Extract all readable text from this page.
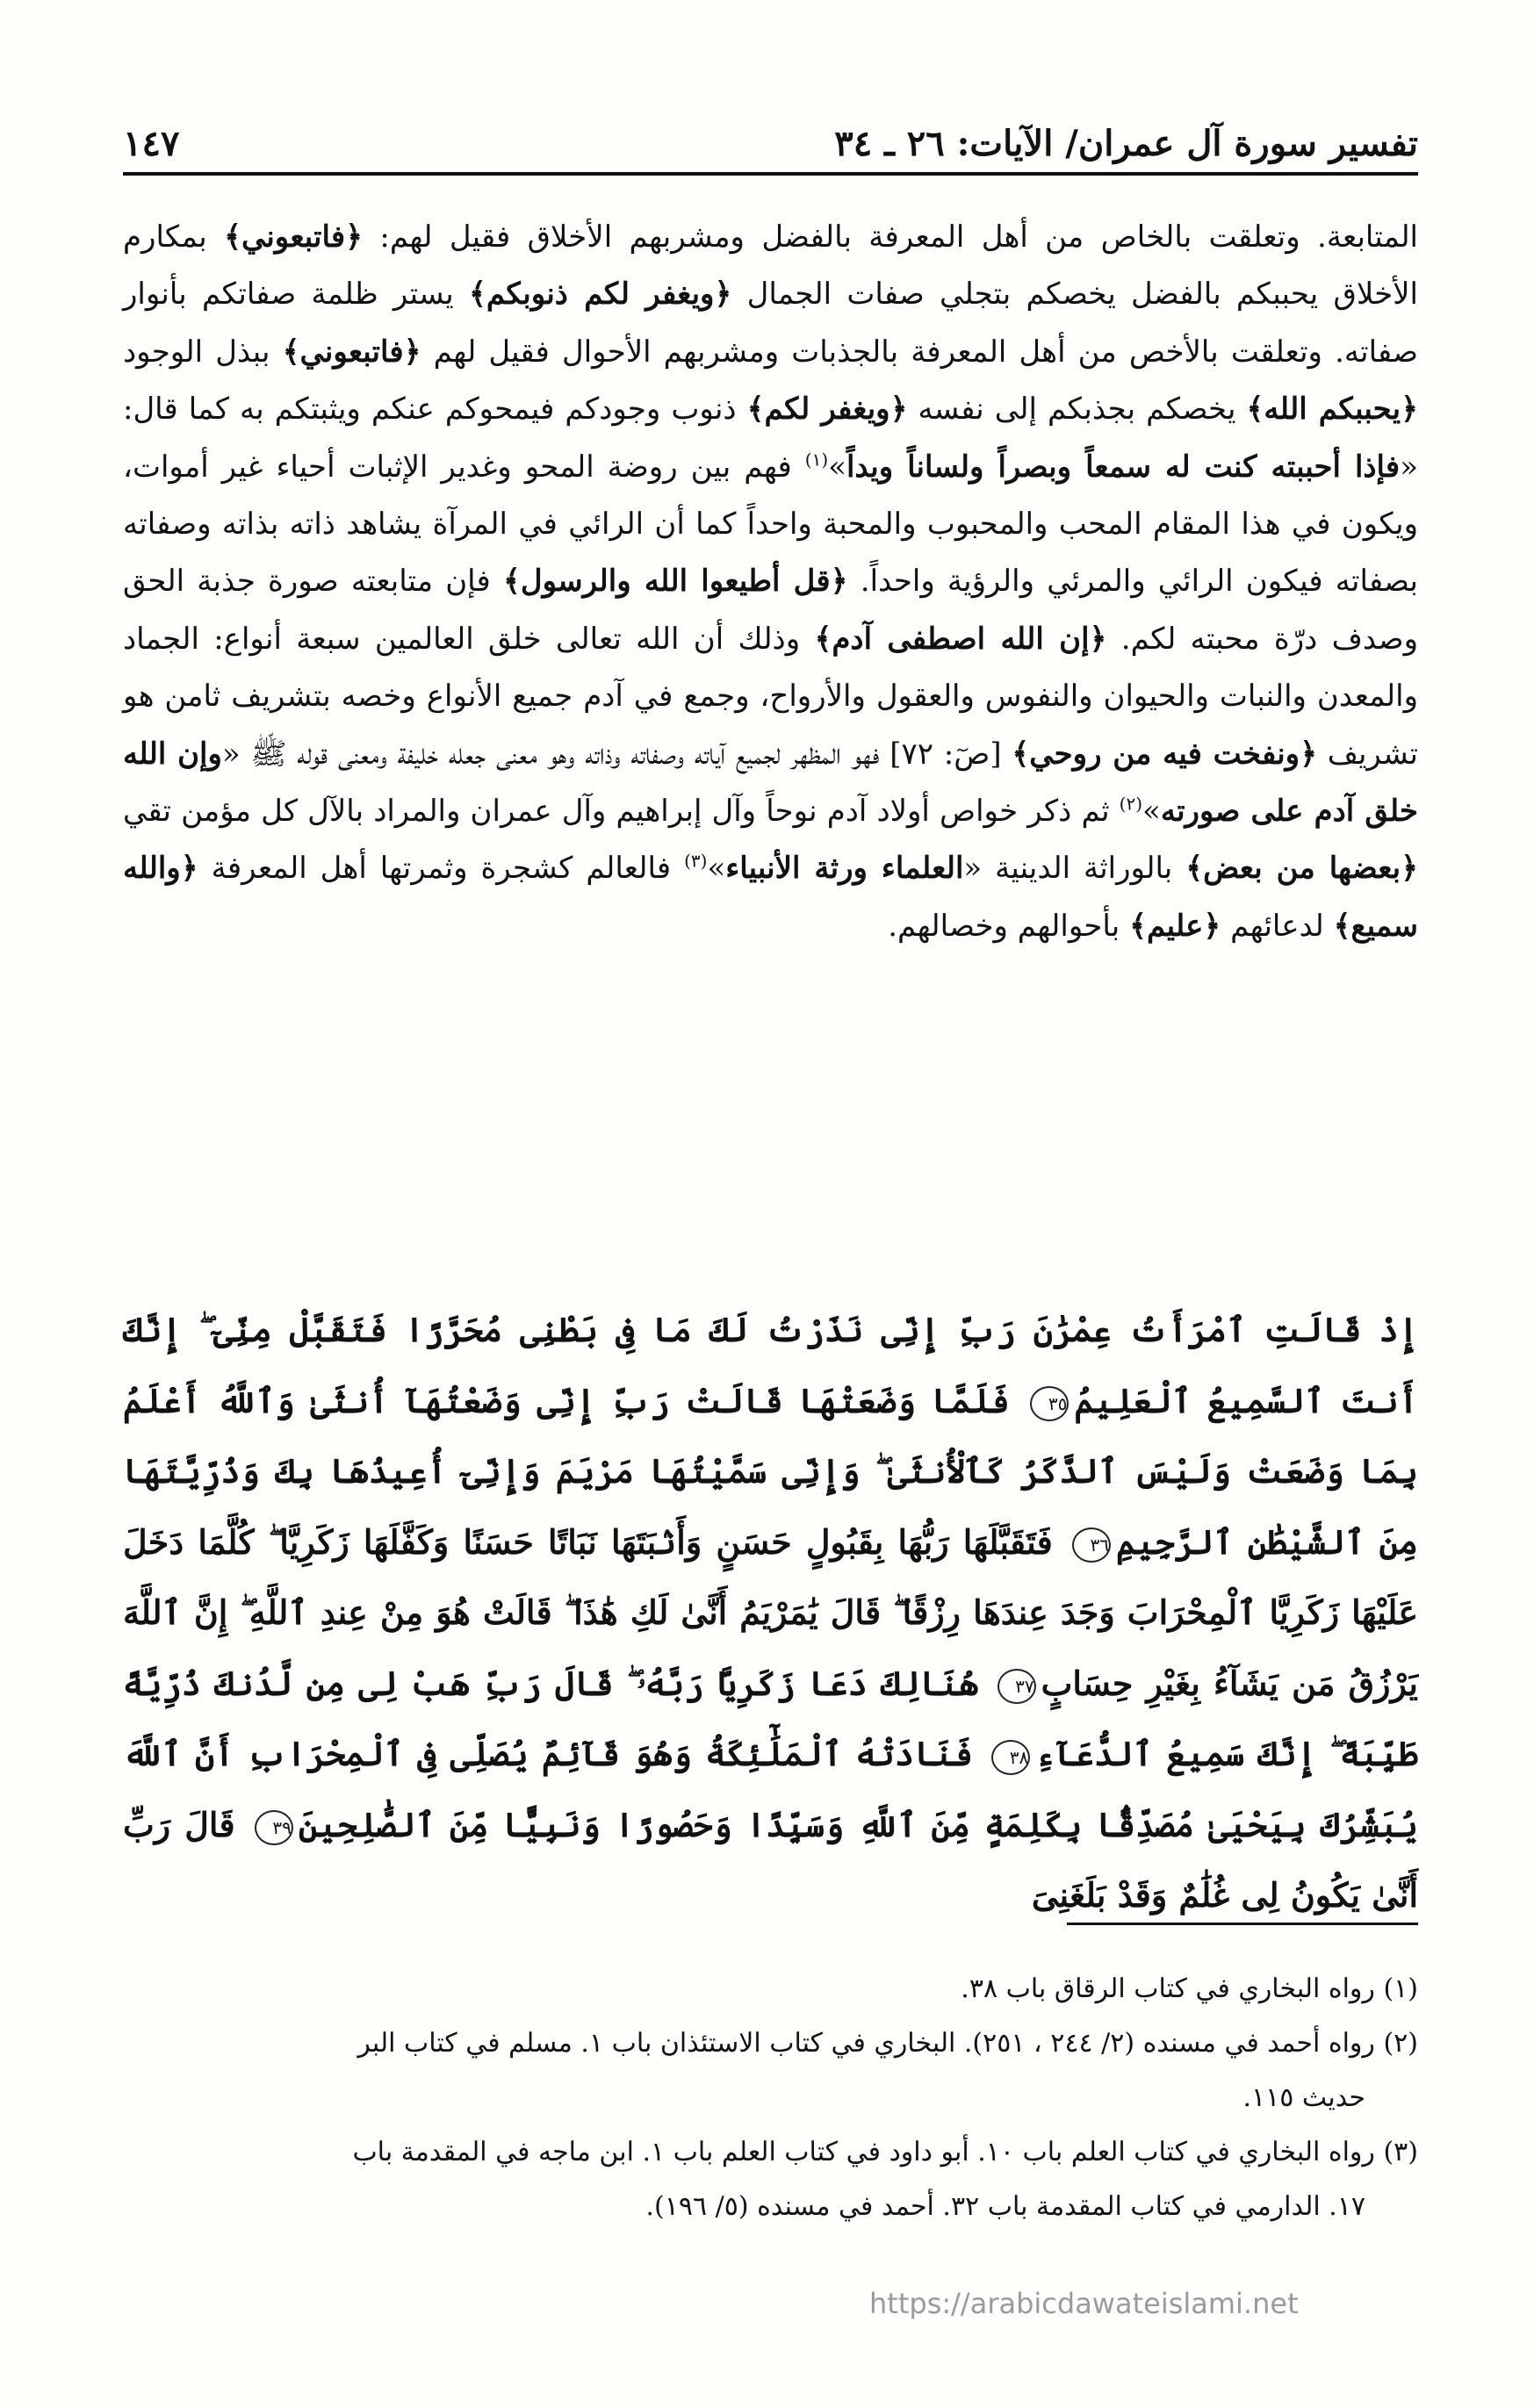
تفسير سورة آل عمران/ الآيات: ٢٦ ـ ٣٤
١٤٧

المتابعة. وتعلقت بالخاص من أهل المعرفة بالفضل ومشربهم الأخلاق فقيل لهم: ﴿فاتبعوني﴾ بمكارم الأخلاق يحببكم بالفضل يخصكم بتجلي صفات الجمال ﴿ويغفر لكم ذنوبكم﴾ يستر ظلمة صفاتكم بأنوار صفاته. وتعلقت بالأخص من أهل المعرفة بالجذبات ومشربهم الأحوال فقيل لهم ﴿فاتبعوني﴾ ببذل الوجود ﴿يحببكم الله﴾ يخصكم بجذبكم إلى نفسه ﴿ويغفر لكم﴾ ذنوب وجودكم فيمحوكم عنكم ويثبتكم به كما قال: «فإذا أحببته كنت له سمعاً وبصراً ولساناً ويداً»$^{(١)}$ فهم بين روضة المحو وغدير الإثبات أحياء غير أموات، ويكون في هذا المقام المحب والمحبوب والمحبة واحداً كما أن الرائي في المرآة يشاهد ذاته بذاته وصفاته بصفاته فيكون الرائي والمرئي والرؤية واحداً. ﴿قل أطيعوا الله والرسول﴾ فإن متابعته صورة جذبة الحق وصدف درّة محبته لكم. ﴿إن الله اصطفى آدم﴾ وذلك أن الله تعالى خلق العالمين سبعة أنواع: الجماد والمعدن والنبات والحيوان والنفوس والعقول والأرواح، وجمع في آدم جميع الأنواع وخصه بتشريف ثامن هو تشريف ﴿ونفخت فيه من روحي﴾ [صٓ: ٧٢] فهو المظهر لجميع آياته وصفاته وذاته وهو معنى جعله خليفة ومعنى قوله ﷺ «وإن الله خلق آدم على صورته»$^{(٢)}$ ثم ذكر خواص أولاد آدم نوحاً وآل إبراهيم وآل عمران والمراد بالآل كل مؤمن تقي ﴿بعضها من بعض﴾ بالوراثة الدينية «العلماء ورثة الأنبياء»$^{(٣)}$ فالعالم كشجرة وثمرتها أهل المعرفة ﴿والله سميع﴾ لدعائهم ﴿عليم﴾ بأحوالهم وخصالهم.

إِذْ قَالَتِ ٱمْرَأَتُ عِمْرَٰنَ رَبِّ إِنِّى نَذَرْتُ لَكَ مَا فِى بَطْنِى مُحَرَّرًا فَتَقَبَّلْ مِنِّىٓ ۖ إِنَّكَ أَنتَ ٱلسَّمِيعُ ٱلْعَلِيمُ٣٥ فَلَمَّا وَضَعَتْهَا قَالَتْ رَبِّ إِنِّى وَضَعْتُهَآ أُنثَىٰ وَٱللَّهُ أَعْلَمُ بِمَا وَضَعَتْ وَلَيْسَ ٱلذَّكَرُ كَٱلْأُنثَىٰ ۖ وَإِنِّى سَمَّيْتُهَا مَرْيَمَ وَإِنِّىٓ أُعِيذُهَا بِكَ وَذُرِّيَّتَهَا مِنَ ٱلشَّيْطَٰنِ ٱلرَّجِيمِ٣٦ فَتَقَبَّلَهَا رَبُّهَا بِقَبُولٍ حَسَنٍ وَأَنۢبَتَهَا نَبَاتًا حَسَنًا وَكَفَّلَهَا زَكَرِيَّا ۖ كُلَّمَا دَخَلَ عَلَيْهَا زَكَرِيَّا ٱلْمِحْرَابَ وَجَدَ عِندَهَا رِزْقًا ۖ قَالَ يَٰمَرْيَمُ أَنَّىٰ لَكِ هَٰذَا ۖ قَالَتْ هُوَ مِنْ عِندِ ٱللَّهِ ۖ إِنَّ ٱللَّهَ يَرْزُقُ مَن يَشَآءُ بِغَيْرِ حِسَابٍ٣٧ هُنَالِكَ دَعَا زَكَرِيَّا رَبَّهُۥ ۖ قَالَ رَبِّ هَبْ لِى مِن لَّدُنكَ ذُرِّيَّةً طَيِّبَةً ۖ إِنَّكَ سَمِيعُ ٱلدُّعَآءِ٣٨ فَنَادَتْهُ ٱلْمَلَٰٓئِكَةُ وَهُوَ قَآئِمٌ يُصَلِّى فِى ٱلْمِحْرَابِ أَنَّ ٱللَّهَ يُبَشِّرُكَ بِيَحْيَىٰ مُصَدِّقًۢا بِكَلِمَةٍ مِّنَ ٱللَّهِ وَسَيِّدًا وَحَصُورًا وَنَبِيًّا مِّنَ ٱلصَّٰلِحِينَ٣٩ قَالَ رَبِّ أَنَّىٰ يَكُونُ لِى غُلَٰمٌ وَقَدْ بَلَغَنِىَ

(١) رواه البخاري في كتاب الرقاق باب ٣٨.

(٢) رواه أحمد في مسنده (٢/ ٢٤٤ ، ٢٥١). البخاري في كتاب الاستئذان باب ١. مسلم في كتاب البر

حديث ١١٥.

(٣) رواه البخاري في كتاب العلم باب ١٠. أبو داود في كتاب العلم باب ١. ابن ماجه في المقدمة باب

١٧. الدارمي في كتاب المقدمة باب ٣٢. أحمد في مسنده (٥/ ١٩٦).

https://arabicdawateislami.net
